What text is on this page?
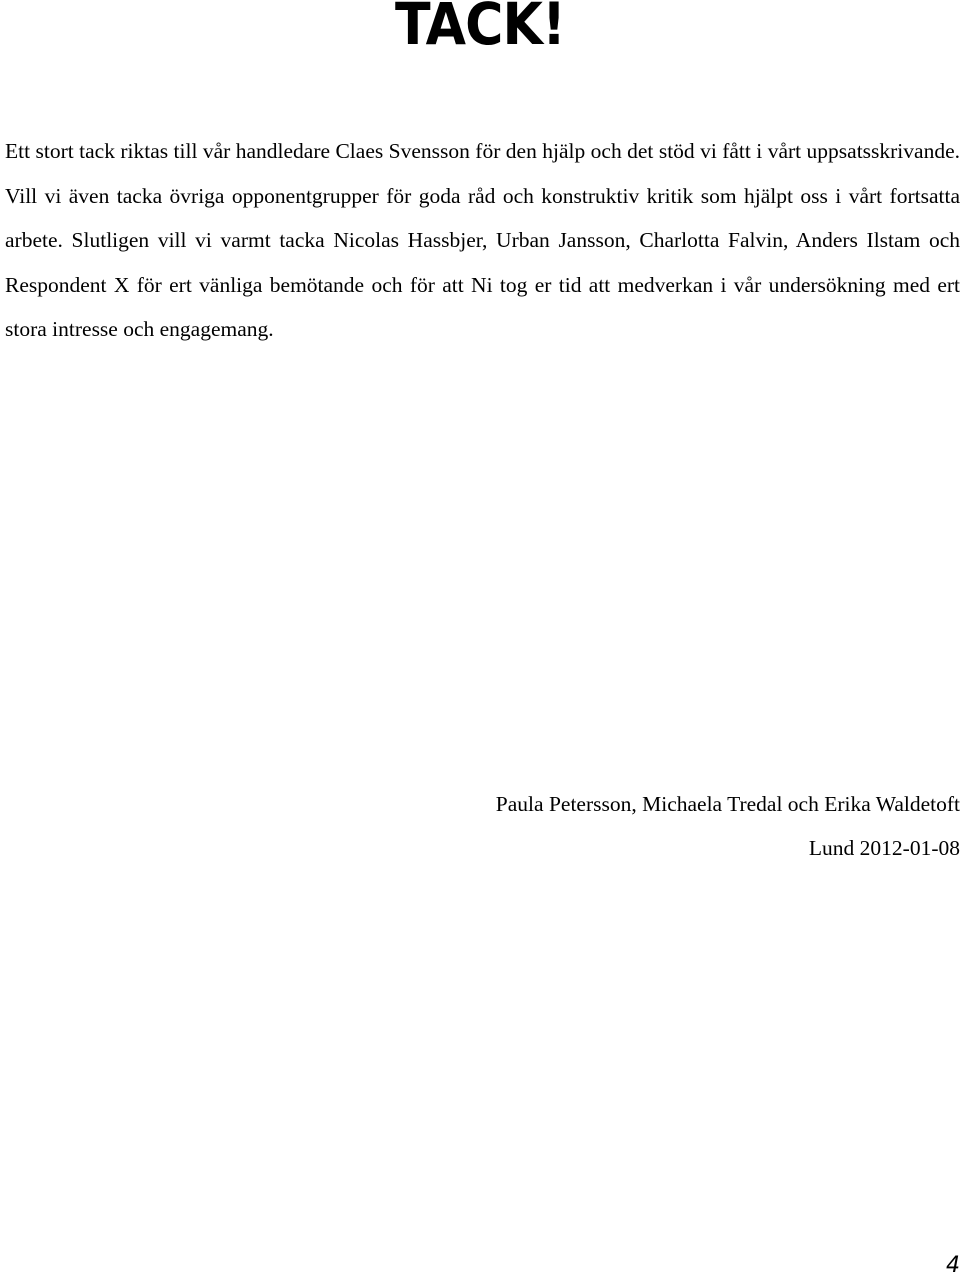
TACK!

Ett stort tack riktas till vår handledare Claes Svensson för den hjälp och det stöd vi fått i vårt uppsatsskrivande. Vill vi även tacka övriga opponentgrupper för goda råd och konstruktiv kritik som hjälpt oss i vårt fortsatta arbete. Slutligen vill vi varmt tacka Nicolas Hassbjer, Urban Jansson, Charlotta Falvin, Anders Ilstam och Respondent X för ert vänliga bemötande och för att Ni tog er tid att medverkan i vår undersökning med ert stora intresse och engagemang.

Paula Petersson, Michaela Tredal och Erika Waldetoft
Lund 2012-01-08
4
